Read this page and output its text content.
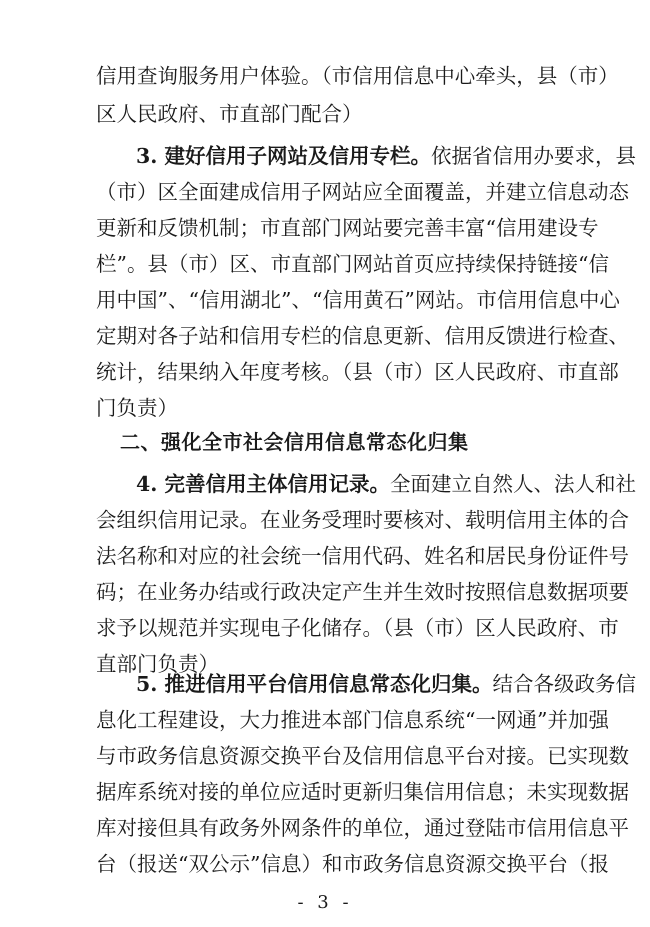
信用查询服务用户体验。（市信用信息中心牵头，县（市）
区人民政府、市直部门配合）
3. 建好信用子网站及信用专栏。依据省信用办要求，县
（市）区全面建成信用子网站应全面覆盖，并建立信息动态
更新和反馈机制；市直部门网站要完善丰富“信用建设专
栏”。县（市）区、市直部门网站首页应持续保持链接“信
用中国”、“信用湖北”、“信用黄石”网站。市信用信息中心
定期对各子站和信用专栏的信息更新、信用反馈进行检查、
统计，结果纳入年度考核。（县（市）区人民政府、市直部
门负责）
二、强化全市社会信用信息常态化归集
4. 完善信用主体信用记录。全面建立自然人、法人和社
会组织信用记录。在业务受理时要核对、载明信用主体的合
法名称和对应的社会统一信用代码、姓名和居民身份证件号
码；在业务办结或行政决定产生并生效时按照信息数据项要
求予以规范并实现电子化储存。（县（市）区人民政府、市
直部门负责）
5. 推进信用平台信用信息常态化归集。结合各级政务信
息化工程建设，大力推进本部门信息系统“一网通”并加强
与市政务信息资源交换平台及信用信息平台对接。已实现数
据库系统对接的单位应适时更新归集信用信息；未实现数据
库对接但具有政务外网条件的单位，通过登陆市信用信息平
台（报送“双公示”信息）和市政务信息资源交换平台（报
- 3 -
